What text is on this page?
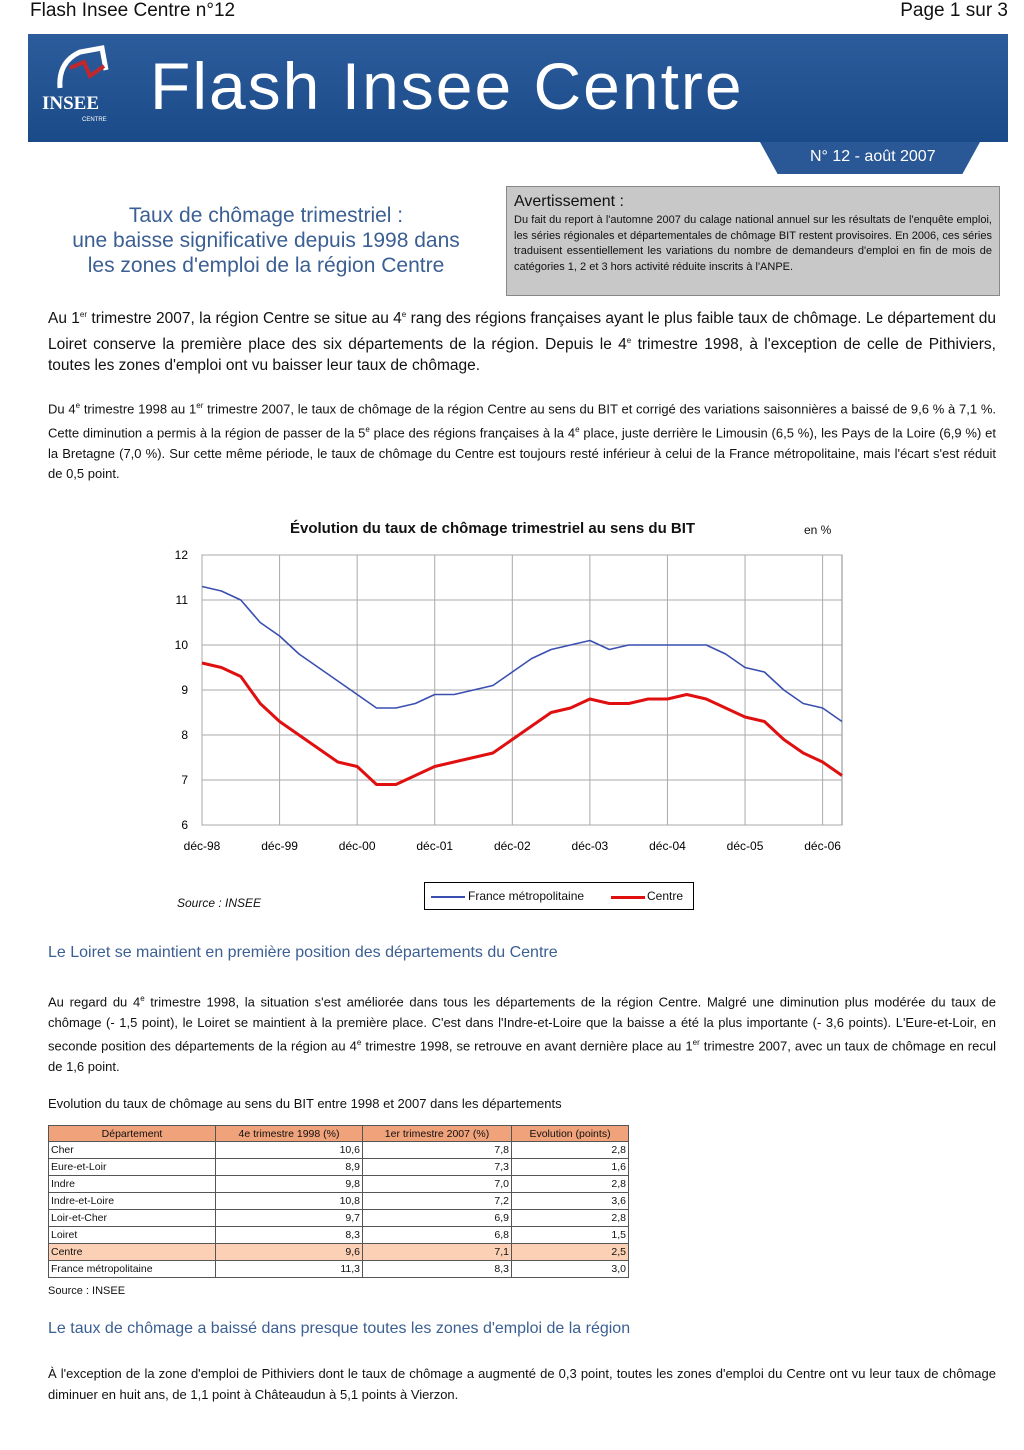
Flash Insee Centre n°12	Page 1 sur 3
INSEE
CENTRE Flash Insee Centre
N° 12 - août 2007
Taux de chômage trimestriel :
une baisse significative depuis 1998 dans
les zones d'emploi de la région Centre
Avertissement :
Du fait du report à l'automne 2007 du calage national annuel sur les résultats de l'enquête emploi, les séries régionales et départementales de chômage BIT restent provisoires. En 2006, ces séries traduisent essentiellement les variations du nombre de demandeurs d'emploi en fin de mois de catégories 1, 2 et 3 hors activité réduite inscrits à l'ANPE.
Au 1er trimestre 2007, la région Centre se situe au 4e rang des régions françaises ayant le plus faible taux de chômage. Le département du Loiret conserve la première place des six départements de la région. Depuis le 4e trimestre 1998, à l'exception de celle de Pithiviers, toutes les zones d'emploi ont vu baisser leur taux de chômage.
Du 4e trimestre 1998 au 1er trimestre 2007, le taux de chômage de la région Centre au sens du BIT et corrigé des variations saisonnières a baissé de 9,6 % à 7,1 %. Cette diminution a permis à la région de passer de la 5e place des régions françaises à la 4e place, juste derrière le Limousin (6,5 %), les Pays de la Loire (6,9 %) et la Bretagne (7,0 %). Sur cette même période, le taux de chômage du Centre est toujours resté inférieur à celui de la France métropolitaine, mais l'écart s'est réduit de 0,5 point.
Évolution du taux de chômage trimestriel au sens du BIT	en %
6
7
8
9
10
11
12
déc-98	déc-99	déc-00	déc-01	déc-02	déc-03	déc-04	déc-05	déc-06
Source : INSEE	France métropolitaine	Centre
Le Loiret se maintient en première position des départements du Centre
Au regard du 4e trimestre 1998, la situation s'est améliorée dans tous les départements de la région Centre. Malgré une diminution plus modérée du taux de chômage (- 1,5 point), le Loiret se maintient à la première place. C'est dans l'Indre-et-Loire que la baisse a été la plus importante (- 3,6 points). L'Eure-et-Loir, en seconde position des départements de la région au 4e trimestre 1998, se retrouve en avant dernière place au 1er trimestre 2007, avec un taux de chômage en recul de 1,6 point.
Evolution du taux de chômage au sens du BIT entre 1998 et 2007 dans les départements
Département	4e trimestre 1998 (%)	1er trimestre 2007 (%)	Evolution (points)
Cher	10,6	7,8	2,8
Eure-et-Loir	8,9	7,3	1,6
Indre	9,8	7,0	2,8
Indre-et-Loire	10,8	7,2	3,6
Loir-et-Cher	9,7	6,9	2,8
Loiret	8,3	6,8	1,5
Centre	9,6	7,1	2,5
France métropolitaine	11,3	8,3	3,0
Source : INSEE
Le taux de chômage a baissé dans presque toutes les zones d'emploi de la région
À l'exception de la zone d'emploi de Pithiviers dont le taux de chômage a augmenté de 0,3 point, toutes les zones d'emploi du Centre ont vu leur taux de chômage diminuer en huit ans, de 1,1 point à Châteaudun à 5,1 points à Vierzon.
